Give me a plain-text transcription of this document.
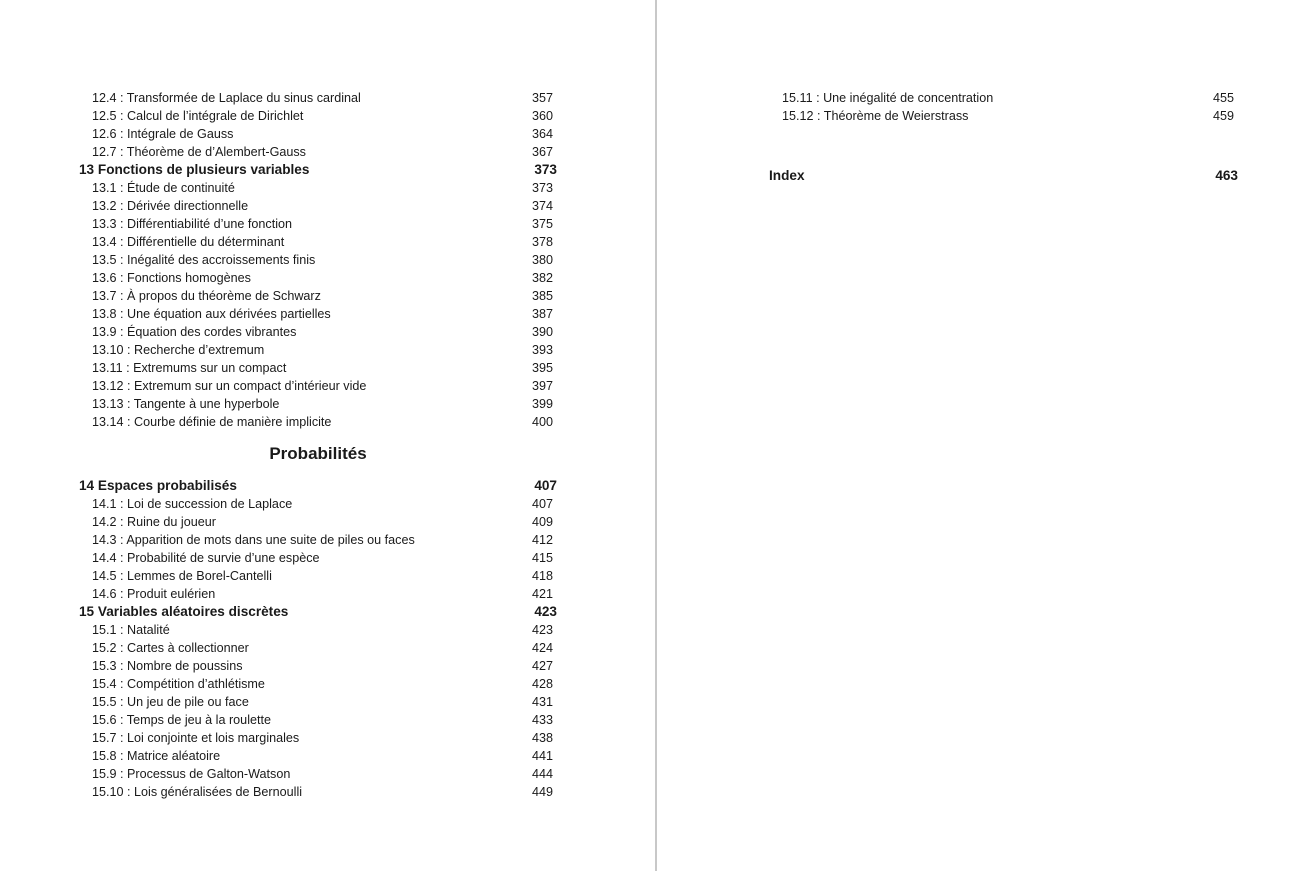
12.4 : Transformée de Laplace du sinus cardinal	357
12.5 : Calcul de l’intégrale de Dirichlet	360
12.6 : Intégrale de Gauss	364
12.7 : Théorème de d’Alembert-Gauss	367
13 Fonctions de plusieurs variables	373
13.1 : Étude de continuité	373
13.2 : Dérivée directionnelle	374
13.3 : Différentiabilité d’une fonction	375
13.4 : Différentielle du déterminant	378
13.5 : Inégalité des accroissements finis	380
13.6 : Fonctions homogènes	382
13.7 : À propos du théorème de Schwarz	385
13.8 : Une équation aux dérivées partielles	387
13.9 : Équation des cordes vibrantes	390
13.10 : Recherche d’extremum	393
13.11 : Extremums sur un compact	395
13.12 : Extremum sur un compact d’intérieur vide	397
13.13 : Tangente à une hyperbole	399
13.14 : Courbe définie de manière implicite	400
Probabilités
14 Espaces probabilisés	407
14.1 : Loi de succession de Laplace	407
14.2 : Ruine du joueur	409
14.3 : Apparition de mots dans une suite de piles ou faces	412
14.4 : Probabilité de survie d’une espèce	415
14.5 : Lemmes de Borel-Cantelli	418
14.6 : Produit eulérien	421
15 Variables aléatoires discrètes	423
15.1 : Natalité	423
15.2 : Cartes à collectionner	424
15.3 : Nombre de poussins	427
15.4 : Compétition d’athlétisme	428
15.5 : Un jeu de pile ou face	431
15.6 : Temps de jeu à la roulette	433
15.7 : Loi conjointe et lois marginales	438
15.8 : Matrice aléatoire	441
15.9 : Processus de Galton-Watson	444
15.10 : Lois généralisées de Bernoulli	449
15.11 : Une inégalité de concentration	455
15.12 : Théorème de Weierstrass	459
Index	463
